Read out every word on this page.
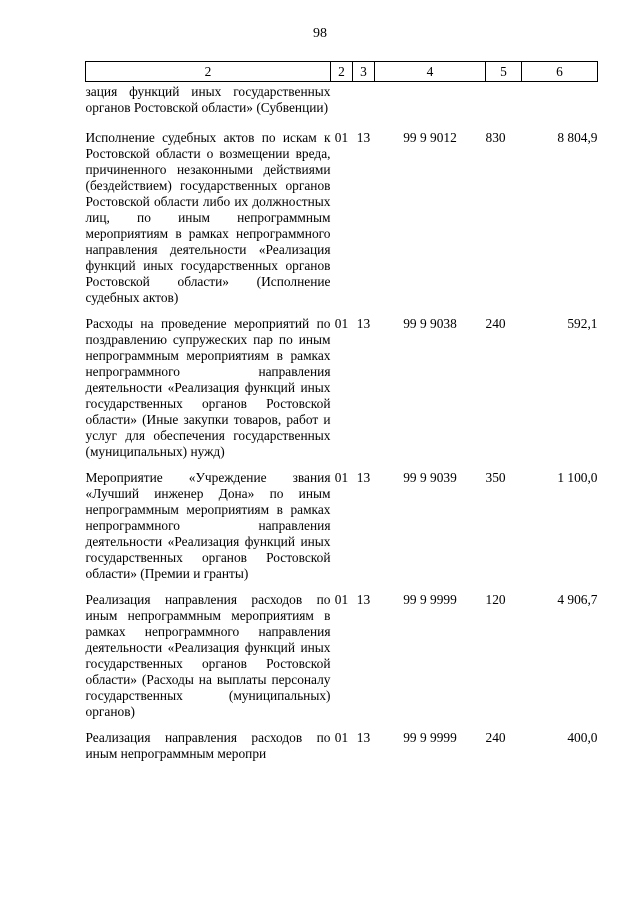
98
2	2	3	4	5	6
зация функций иных государственных органов Ростовской области» (Субвенции)					
Исполнение судебных актов по искам к Ростовской области о возмещении вреда, причиненного незаконными действиями (бездействием) государственных органов Ростовской области либо их должностных лиц, по иным непрограммным мероприятиям в рамках непрограммного направления деятельности «Реализация функций иных государственных органов Ростовской области» (Исполнение судебных актов)	01	13	99 9 9012	830	8 804,9
Расходы на проведение мероприятий по поздравлению супружеских пар по иным непрограммным мероприятиям в рамках непрограммного направления деятельности «Реализация функций иных государственных органов Ростовской области» (Иные закупки товаров, работ и услуг для обеспечения государственных (муниципальных) нужд)	01	13	99 9 9038	240	592,1
Мероприятие «Учреждение звания «Лучший инженер Дона» по иным непрограммным мероприятиям в рамках непрограммного направления деятельности «Реализация функций иных государственных органов Ростовской области» (Премии и гранты)	01	13	99 9 9039	350	1 100,0
Реализация направления расходов по иным непрограммным мероприятиям в рамках непрограммного направления деятельности «Реализация функций иных государственных органов Ростовской области» (Расходы на выплаты персоналу государственных (муниципальных) органов)	01	13	99 9 9999	120	4 906,7
Реализация направления расходов по иным непрограммным меропри	01	13	99 9 9999	240	400,0
